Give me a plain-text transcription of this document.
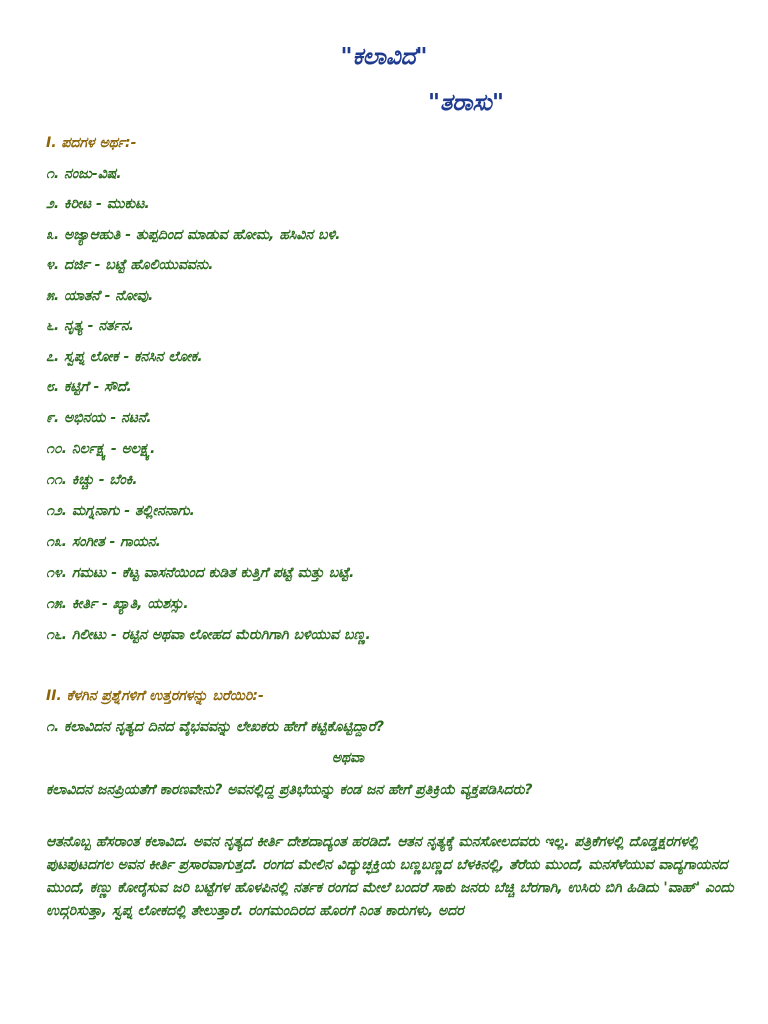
"ಕಲಾವಿದ"
"ತರಾಸು"
I. ಪದಗಳ ಅರ್ಥ:-
೧. ನಂಜು-ವಿಷ.
೨. ಕಿರೀಟ - ಮುಕುಟ.
೩. ಅಜ್ಯಾಆಹುತಿ - ತುಪ್ಪದಿಂದ ಮಾಡುವ ಹೋಮ, ಹಸಿವಿನ ಬಳಿ.
೪. ದರ್ಜಿ - ಬಟ್ಟೆ ಹೊಲಿಯುವವನು.
೫. ಯಾತನೆ - ನೋವು.
೬. ನೃತ್ಯ - ನರ್ತನ.
೭. ಸ್ವಪ್ನ ಲೋಕ - ಕನಸಿನ ಲೋಕ.
೮. ಕಟ್ಟಿಗೆ - ಸೌದೆ.
೯. ಅಭಿನಯ - ನಟನೆ.
೧೦. ನಿರ್ಲಕ್ಷ್ಯ - ಅಲಕ್ಷ್ಯ.
೧೧. ಕಿಚ್ಚು - ಬೆಂಕಿ.
೧೨. ಮಗ್ನನಾಗು - ತಲ್ಲೀನನಾಗು.
೧೩. ಸಂಗೀತ - ಗಾಯನ.
೧೪. ಗಮಟು - ಕೆಟ್ಟ ವಾಸನೆಯಿಂದ ಕುಡಿತ ಕುತ್ತಿಗೆ ಪಟ್ಟೆ ಮತ್ತು ಬಟ್ಟೆ.
೧೫. ಕೀರ್ತಿ - ಖ್ಯಾತಿ, ಯಶಸ್ಸು.
೧೬. ಗಿಲೀಟು - ರಟ್ಟಿನ ಅಥವಾ ಲೋಹದ ಮೆರುಗಿಗಾಗಿ ಬಳಿಯುವ ಬಣ್ಣ.
II. ಕೆಳಗಿನ ಪ್ರಶ್ನೆಗಳಿಗೆ ಉತ್ತರಗಳನ್ನು ಬರೆಯಿರಿ:-
೧. ಕಲಾವಿದನ ನೃತ್ಯದ ದಿನದ ವೈಭವವನ್ನು ಲೇಖಕರು ಹೇಗೆ ಕಟ್ಟಿಕೊಟ್ಟಿದ್ದಾರೆ?
ಅಥವಾ
ಕಲಾವಿದನ ಜನಪ್ರಿಯತೆಗೆ ಕಾರಣವೇನು? ಅವನಲ್ಲಿದ್ದ ಪ್ರತಿಭೆಯನ್ನು ಕಂಡ ಜನ ಹೇಗೆ ಪ್ರತಿಕ್ರಿಯೆ ವ್ಯಕ್ತಪಡಿಸಿದರು?
ಆತನೊಬ್ಬ ಹೆಸರಾಂತ ಕಲಾವಿದ. ಅವನ ನೃತ್ಯದ ಕೀರ್ತಿ ದೇಶದಾದ್ಯಂತ ಹರಡಿದೆ. ಆತನ ನೃತ್ಯಕ್ಕೆ ಮನಸೋಲದವರು ಇಲ್ಲ. ಪತ್ರಿಕೆಗಳಲ್ಲಿ ದೊಡ್ಡಕ್ಷರಗಳಲ್ಲಿ ಪುಟಪುಟದಗಲ ಅವನ ಕೀರ್ತಿ ಪ್ರಸಾರವಾಗುತ್ತದೆ. ರಂಗದ ಮೇಲಿನ ವಿದ್ಯುಚ್ಛಕ್ತಿಯ ಬಣ್ಣಬಣ್ಣದ ಬೆಳಕಿನಲ್ಲಿ, ತೆರೆಯ ಮುಂದೆ, ಮನಸೆಳೆಯುವ ವಾದ್ಯಗಾಯನದ ಮುಂದೆ, ಕಣ್ಣು ಕೋರೈಸುವ ಜರಿ ಬಟ್ಟೆಗಳ ಹೊಳಪಿನಲ್ಲಿ ನರ್ತಕ ರಂಗದ ಮೇಲೆ ಬಂದರೆ ಸಾಕು ಜನರು ಬೆಚ್ಚಿ ಬೆರಗಾಗಿ, ಉಸಿರು ಬಿಗಿ ಹಿಡಿದು 'ವಾಹ್' ಎಂದು ಉದ್ಗರಿಸುತ್ತಾ, ಸ್ವಪ್ನ ಲೋಕದಲ್ಲಿ ತೇಲುತ್ತಾರೆ. ರಂಗಮಂದಿರದ ಹೊರಗೆ ನಿಂತ ಕಾರುಗಳು, ಅದರ
